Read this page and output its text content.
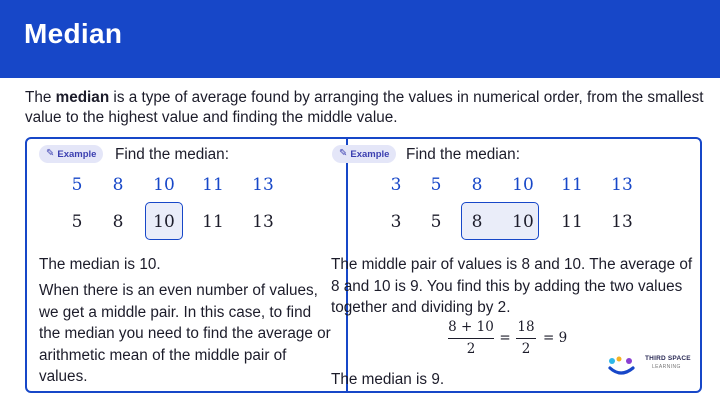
Median

The median is a type of average found by arranging the values in numerical order, from the smallest value to the highest value and finding the middle value.

✎ Example Find the median:
5	8	10	11	13
5	8	10	11	13
The median is 10.
When there is an even number of values, we get a middle pair. In this case, to find the median you need to find the average or arithmetic mean of the middle pair of values.
✎ Example Find the median:
3	5	8	10	11	13
3	5	8	10	11	13
The middle pair of values is 8 and 10. The average of 8 and 10 is 9. You find this by adding the two values together and dividing by 2.
8 + 10
2
=
18
2
= 9
The median is 9.
THIRD SPACE
LEARNING
